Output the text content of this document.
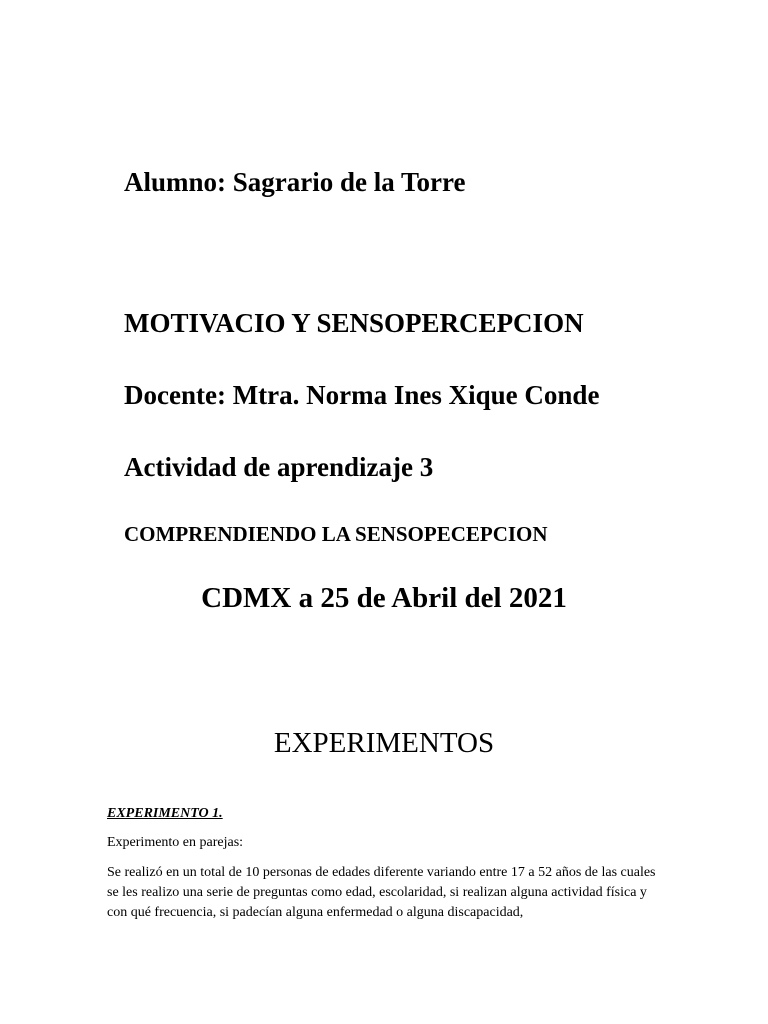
Alumno: Sagrario de la Torre

MOTIVACIO Y SENSOPERCEPCION

Docente: Mtra. Norma Ines Xique Conde

Actividad de aprendizaje 3

COMPRENDIENDO LA SENSOPECEPCION

CDMX a 25 de Abril del 2021

EXPERIMENTOS

EXPERIMENTO 1.

Experimento en parejas:

Se realizó en un total de 10 personas de edades diferente variando entre 17 a 52 años de las cuales se les realizo una serie de preguntas como edad, escolaridad, si realizan alguna actividad física y con qué frecuencia, si padecían alguna enfermedad o alguna discapacidad,
